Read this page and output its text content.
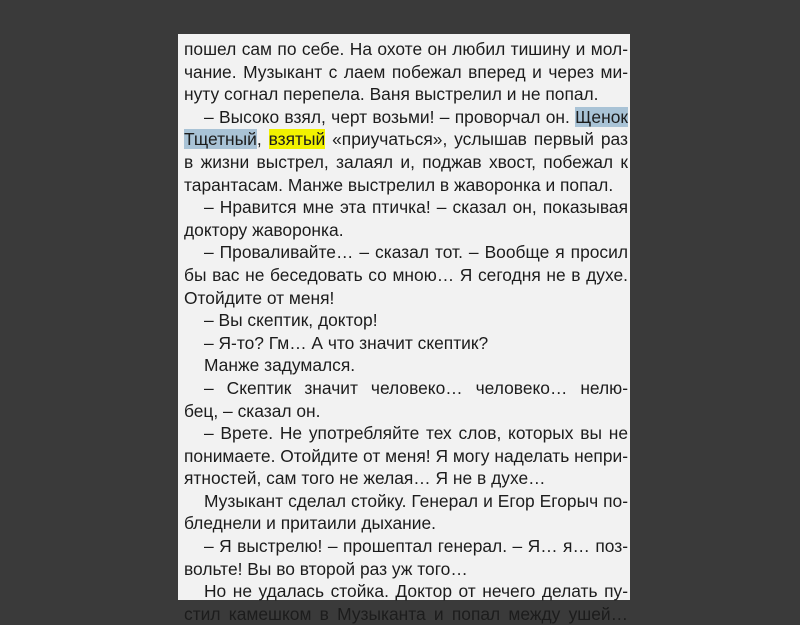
пошел сам по себе. На охоте он любил тишину и мол-
чание. Музыкант с лаем побежал вперед и через ми-
нуту согнал перепела. Ваня выстрелил и не попал.
– Высоко взял, черт возьми! – проворчал он. Щенок
Тщетный, взятый «приучаться», услышав первый раз
в жизни выстрел, залаял и, поджав хвост, побежал к
тарантасам. Манже выстрелил в жаворонка и попал.
– Нравится мне эта птичка! – сказал он, показывая
доктору жаворонка.
– Проваливайте… – сказал тот. – Вообще я просил
бы вас не беседовать со мною… Я сегодня не в духе.
Отойдите от меня!
– Вы скептик, доктор!
– Я-то? Гм… А что значит скептик?
Манже задумался.
– Скептик значит человеко… человеко… нелю-
бец, – сказал он.
– Врете. Не употребляйте тех слов, которых вы не
понимаете. Отойдите от меня! Я могу наделать непри-
ятностей, сам того не желая… Я не в духе…
Музыкант сделал стойку. Генерал и Егор Егорыч по-
бледнели и притаили дыхание.
– Я выстрелю! – прошептал генерал. – Я… я… поз-
вольте! Вы во второй раз уж того…
Но не удалась стойка. Доктор от нечего делать пу-
стил камешком в Музыканта и попал между ушей…
